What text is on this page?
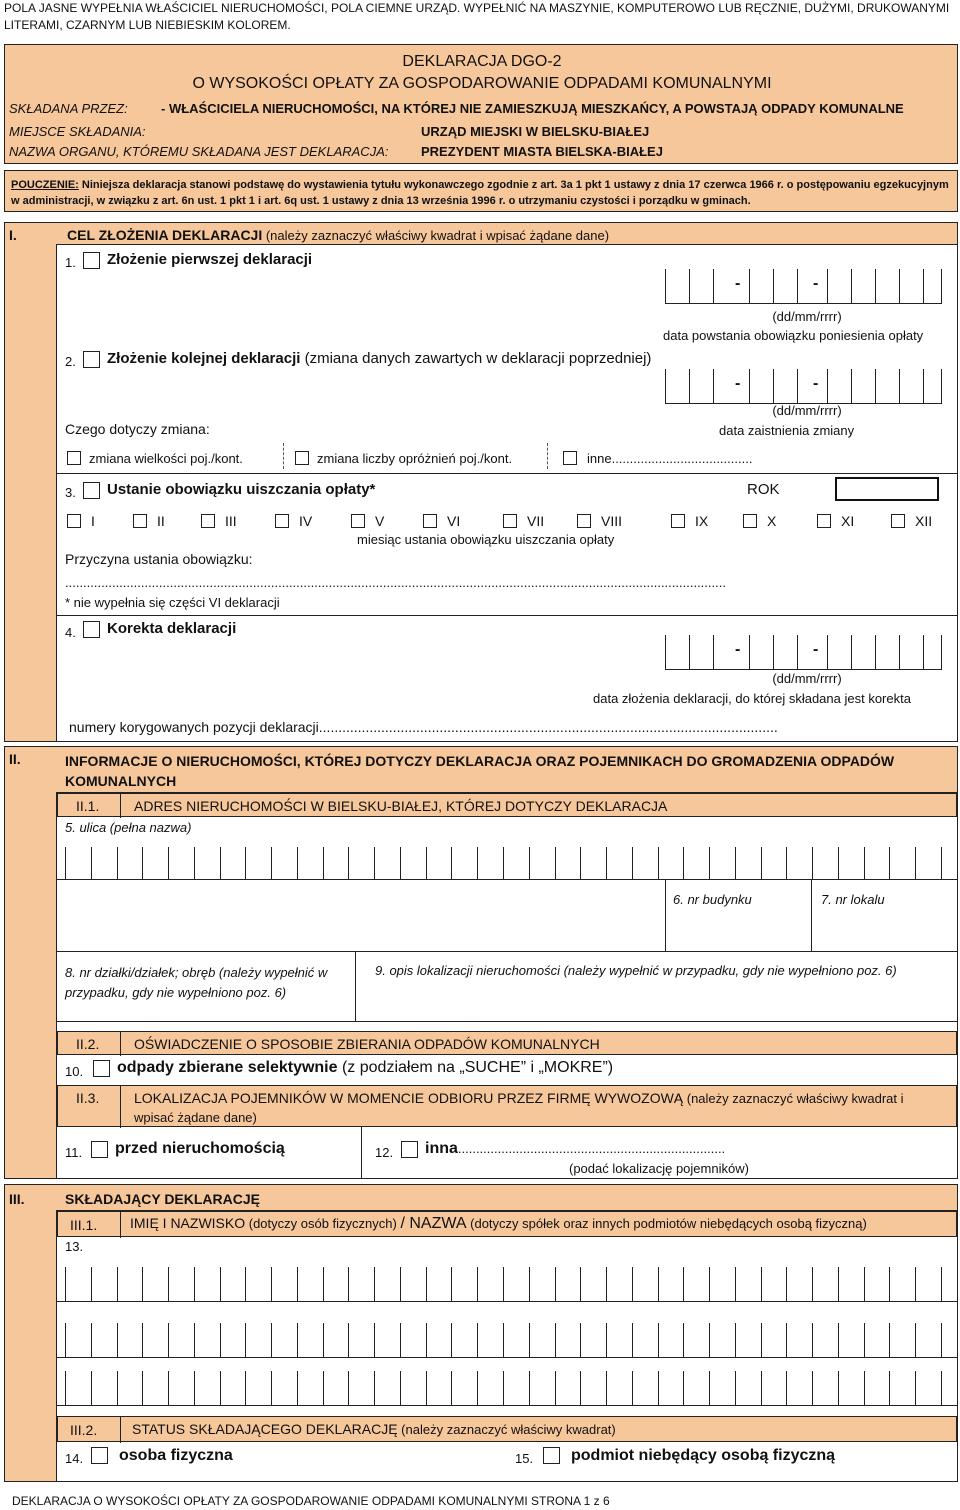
POLA JASNE WYPEŁNIA WŁAŚCICIEL NIERUCHOMOŚCI, POLA CIEMNE URZĄD. WYPEŁNIĆ NA MASZYNIE, KOMPUTEROWO LUB RĘCZNIE, DUŻYMI, DRUKOWANYMI LITERAMI, CZARNYM LUB NIEBIESKIM KOLOREM.
DEKLARACJA DGO-2
O WYSOKOŚCI OPŁATY ZA GOSPODAROWANIE ODPADAMI KOMUNALNYMI
SKŁADANA PRZEZ:	- WŁAŚCICIELA NIERUCHOMOŚCI, NA KTÓREJ NIE ZAMIESZKUJĄ MIESZKAŃCY, A POWSTAJĄ ODPADY KOMUNALNE
MIEJSCE SKŁADANIA:	URZĄD MIEJSKI W BIELSKU-BIAŁEJ
NAZWA ORGANU, KTÓREMU SKŁADANA JEST DEKLARACJA:	PREZYDENT MIASTA BIELSKA-BIAŁEJ
POUCZENIE: Niniejsza deklaracja stanowi podstawę do wystawienia tytułu wykonawczego zgodnie z art. 3a 1 pkt 1 ustawy z dnia 17 czerwca 1966 r. o postępowaniu egzekucyjnym w administracji, w związku z art. 6n ust. 1 pkt 1 i art. 6q ust. 1 ustawy z dnia 13 września 1996 r. o utrzymaniu czystości i porządku w gminach.
I.	CEL ZŁOŻENIA DEKLARACJI (należy zaznaczyć właściwy kwadrat i wpisać żądane dane)
1. Złożenie pierwszej deklaracji
-	-
(dd/mm/rrrr)
data powstania obowiązku poniesienia opłaty
2. Złożenie kolejnej deklaracji (zmiana danych zawartych w deklaracji poprzedniej)
-	-
(dd/mm/rrrr)
Czego dotyczy zmiana:	data zaistnienia zmiany
zmiana wielkości poj./kont.	zmiana liczby opróżnień poj./kont.	inne.......................................
3. Ustanie obowiązku uiszczania opłaty*	ROK
I	II	III	IV	V	VI	VII	VIII	IX	X	XI	XII
miesiąc ustania obowiązku uiszczania opłaty
Przyczyna ustania obowiązku:
.......................................................................................................................................................................................
* nie wypełnia się części VI deklaracji
4. Korekta deklaracji
-	-
(dd/mm/rrrr)
data złożenia deklaracji, do której składana jest korekta
numery korygowanych pozycji deklaracji......................................................................................................................
II.	INFORMACJE O NIERUCHOMOŚCI, KTÓREJ DOTYCZY DEKLARACJA ORAZ POJEMNIKACH DO GROMADZENIA ODPADÓW KOMUNALNYCH
II.1. ADRES NIERUCHOMOŚCI W BIELSKU-BIAŁEJ, KTÓREJ DOTYCZY DEKLARACJA
5. ulica (pełna nazwa)
6. nr budynku	7. nr lokalu
8. nr działki/działek; obręb (należy wypełnić w przypadku, gdy nie wypełniono poz. 6)
9. opis lokalizacji nieruchomości (należy wypełnić w przypadku, gdy nie wypełniono poz. 6)
II.2. OŚWIADCZENIE O SPOSOBIE ZBIERANIA ODPADÓW KOMUNALNYCH
10. odpady zbierane selektywnie (z podziałem na „SUCHE” i „MOKRE”)
II.3. LOKALIZACJA POJEMNIKÓW W MOMENCIE ODBIORU PRZEZ FIRMĘ WYWOZOWĄ (należy zaznaczyć właściwy kwadrat i wpisać żądane dane)
11. przed nieruchomością	12. inna..........................................................................
(podać lokalizację pojemników)
III.	SKŁADAJĄCY DEKLARACJĘ
III.1. IMIĘ I NAZWISKO (dotyczy osób fizycznych) / NAZWA (dotyczy spółek oraz innych podmiotów niebędących osobą fizyczną)
13.
III.2. STATUS SKŁADAJĄCEGO DEKLARACJĘ (należy zaznaczyć właściwy kwadrat)
14. osoba fizyczna	15. podmiot niebędący osobą fizyczną
DEKLARACJA O WYSOKOŚCI OPŁATY ZA GOSPODAROWANIE ODPADAMI KOMUNALNYMI STRONA 1 z 6
